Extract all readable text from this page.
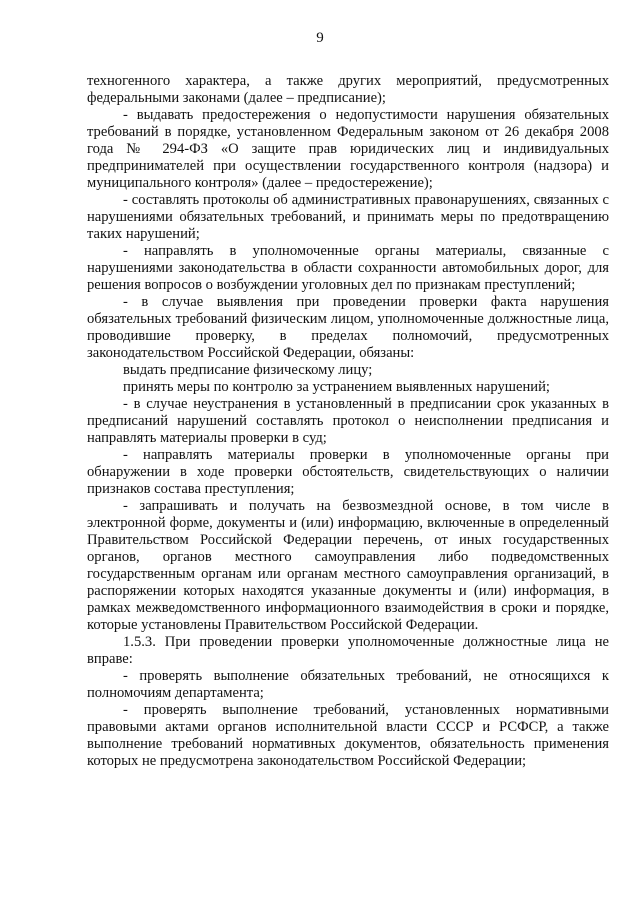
9

техногенного характера, а также других мероприятий, предусмотренных федеральными законами (далее – предписание);

- выдавать предостережения о недопустимости нарушения обязательных требований в порядке, установленном Федеральным законом от 26 декабря 2008 года № 294-ФЗ «О защите прав юридических лиц и индивидуальных предпринимателей при осуществлении государственного контроля (надзора) и муниципального контроля» (далее – предостережение);

- составлять протоколы об административных правонарушениях, связанных с нарушениями обязательных требований, и принимать меры по предотвращению таких нарушений;

- направлять в уполномоченные органы материалы, связанные с нарушениями законодательства в области сохранности автомобильных дорог, для решения вопросов о возбуждении уголовных дел по признакам преступлений;

- в случае выявления при проведении проверки факта нарушения обязательных требований физическим лицом, уполномоченные должностные лица, проводившие проверку, в пределах полномочий, предусмотренных законодательством Российской Федерации, обязаны:

выдать предписание физическому лицу;

принять меры по контролю за устранением выявленных нарушений;

- в случае неустранения в установленный в предписании срок указанных в предписаний нарушений составлять протокол о неисполнении предписания и направлять материалы проверки в суд;

- направлять материалы проверки в уполномоченные органы при обнаружении в ходе проверки обстоятельств, свидетельствующих о наличии признаков состава преступления;

- запрашивать и получать на безвозмездной основе, в том числе в электронной форме, документы и (или) информацию, включенные в определенный Правительством Российской Федерации перечень, от иных государственных органов, органов местного самоуправления либо подведомственных государственным органам или органам местного самоуправления организаций, в распоряжении которых находятся указанные документы и (или) информация, в рамках межведомственного информационного взаимодействия в сроки и порядке, которые установлены Правительством Российской Федерации.

1.5.3. При проведении проверки уполномоченные должностные лица не вправе:

- проверять выполнение обязательных требований, не относящихся к полномочиям департамента;

- проверять выполнение требований, установленных нормативными правовыми актами органов исполнительной власти СССР и РСФСР, а также выполнение требований нормативных документов, обязательность применения которых не предусмотрена законодательством Российской Федерации;
